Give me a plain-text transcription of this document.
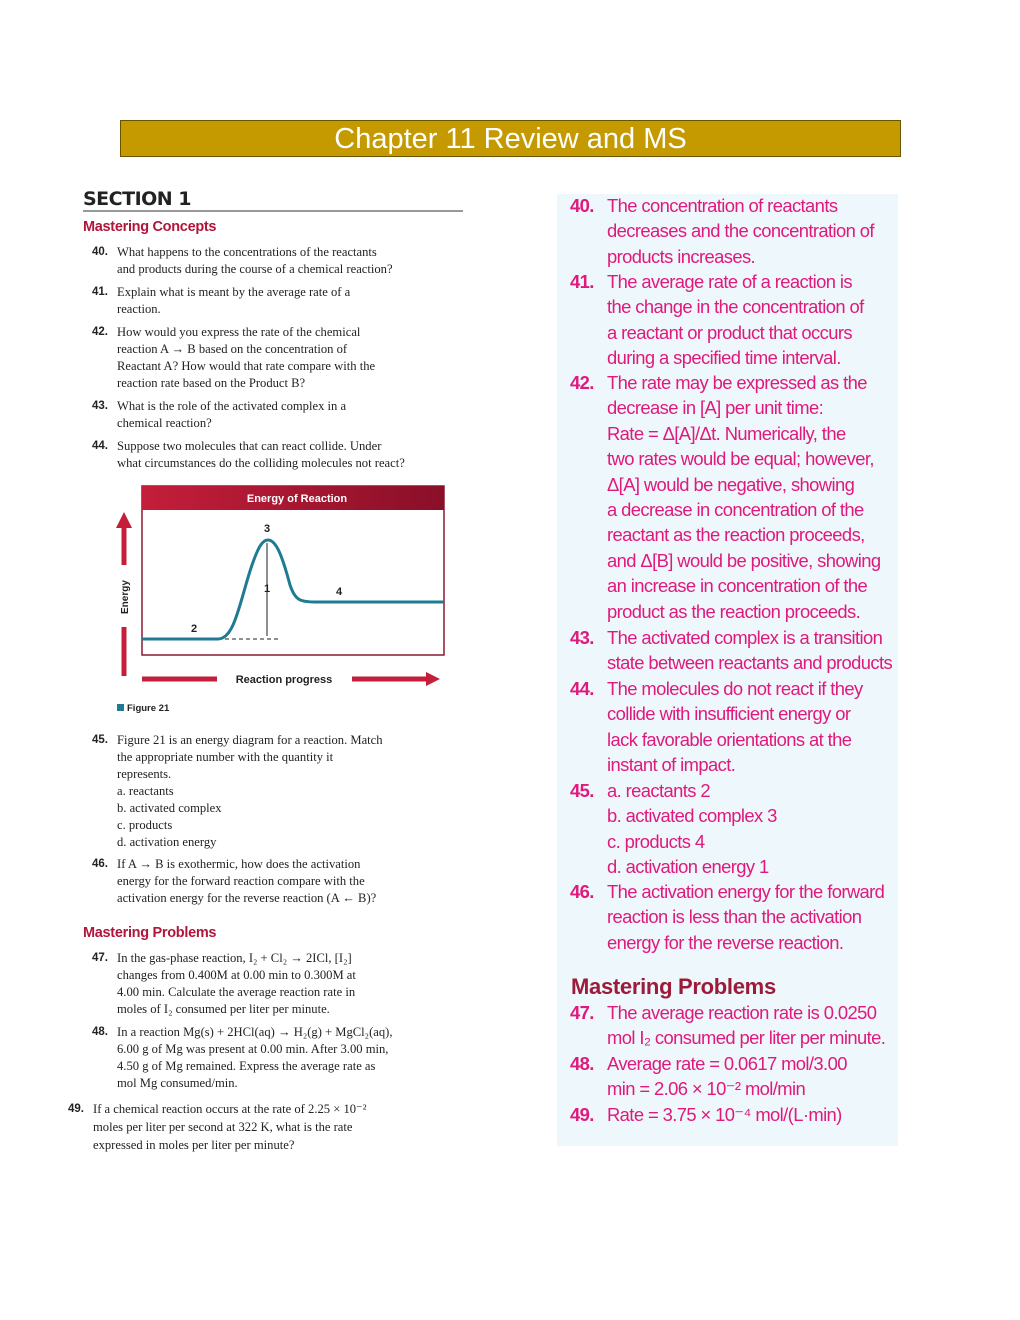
Chapter 11 Review and MS
SECTION 1
Mastering Concepts
Mastering Problems
40. What happens to the concentrations of the reactants
and products during the course of a chemical reaction?
41. Explain what is meant by the average rate of a
reaction.
42. How would you express the rate of the chemical
reaction A → B based on the concentration of
Reactant A? How would that rate compare with the
reaction rate based on the Product B?
43. What is the role of the activated complex in a
chemical reaction?
44. Suppose two molecules that can react collide. Under
what circumstances do the colliding molecules not react?
45. Figure 21 is an energy diagram for a reaction. Match
the appropriate number with the quantity it
represents.
a. reactants
b. activated complex
c. products
d. activation energy
46. If A → B is exothermic, how does the activation
energy for the forward reaction compare with the
activation energy for the reverse reaction (A ← B)?
47. In the gas-phase reaction, I₂ + Cl₂ → 2ICl, [I₂]
changes from 0.400M at 0.00 min to 0.300M at
4.00 min. Calculate the average reaction rate in
moles of I₂ consumed per liter per minute.
48. In a reaction Mg(s) + 2HCl(aq) → H₂(g) + MgCl₂(aq),
6.00 g of Mg was present at 0.00 min. After 3.00 min,
4.50 g of Mg remained. Express the average rate as
mol Mg consumed/min.
49. If a chemical reaction occurs at the rate of 2.25 × 10⁻²
moles per liter per second at 322 K, what is the rate
expressed in moles per liter per minute?
Energy of Reaction
1
2
3
4
Energy
Reaction progress
Figure 21
40. The concentration of reactants
decreases and the concentration of
products increases.
41. The average rate of a reaction is
the change in the concentration of
a reactant or product that occurs
during a specified time interval.
42. The rate may be expressed as the
decrease in [A] per unit time:
Rate = Δ[A]/Δt. Numerically, the
two rates would be equal; however,
Δ[A] would be negative, showing
a decrease in concentration of the
reactant as the reaction proceeds,
and Δ[B] would be positive, showing
an increase in concentration of the
product as the reaction proceeds.
43. The activated complex is a transition
state between reactants and products
44. The molecules do not react if they
collide with insufficient energy or
lack favorable orientations at the
instant of impact.
45. a. reactants 2
b. activated complex 3
c. products 4
d. activation energy 1
46. The activation energy for the forward
reaction is less than the activation
energy for the reverse reaction.
47. The average reaction rate is 0.0250
mol I₂ consumed per liter per minute.
48. Average rate = 0.0617 mol/3.00
min = 2.06 × 10⁻² mol/min
49. Rate = 3.75 × 10⁻⁴ mol/(L·min)
Mastering Problems
